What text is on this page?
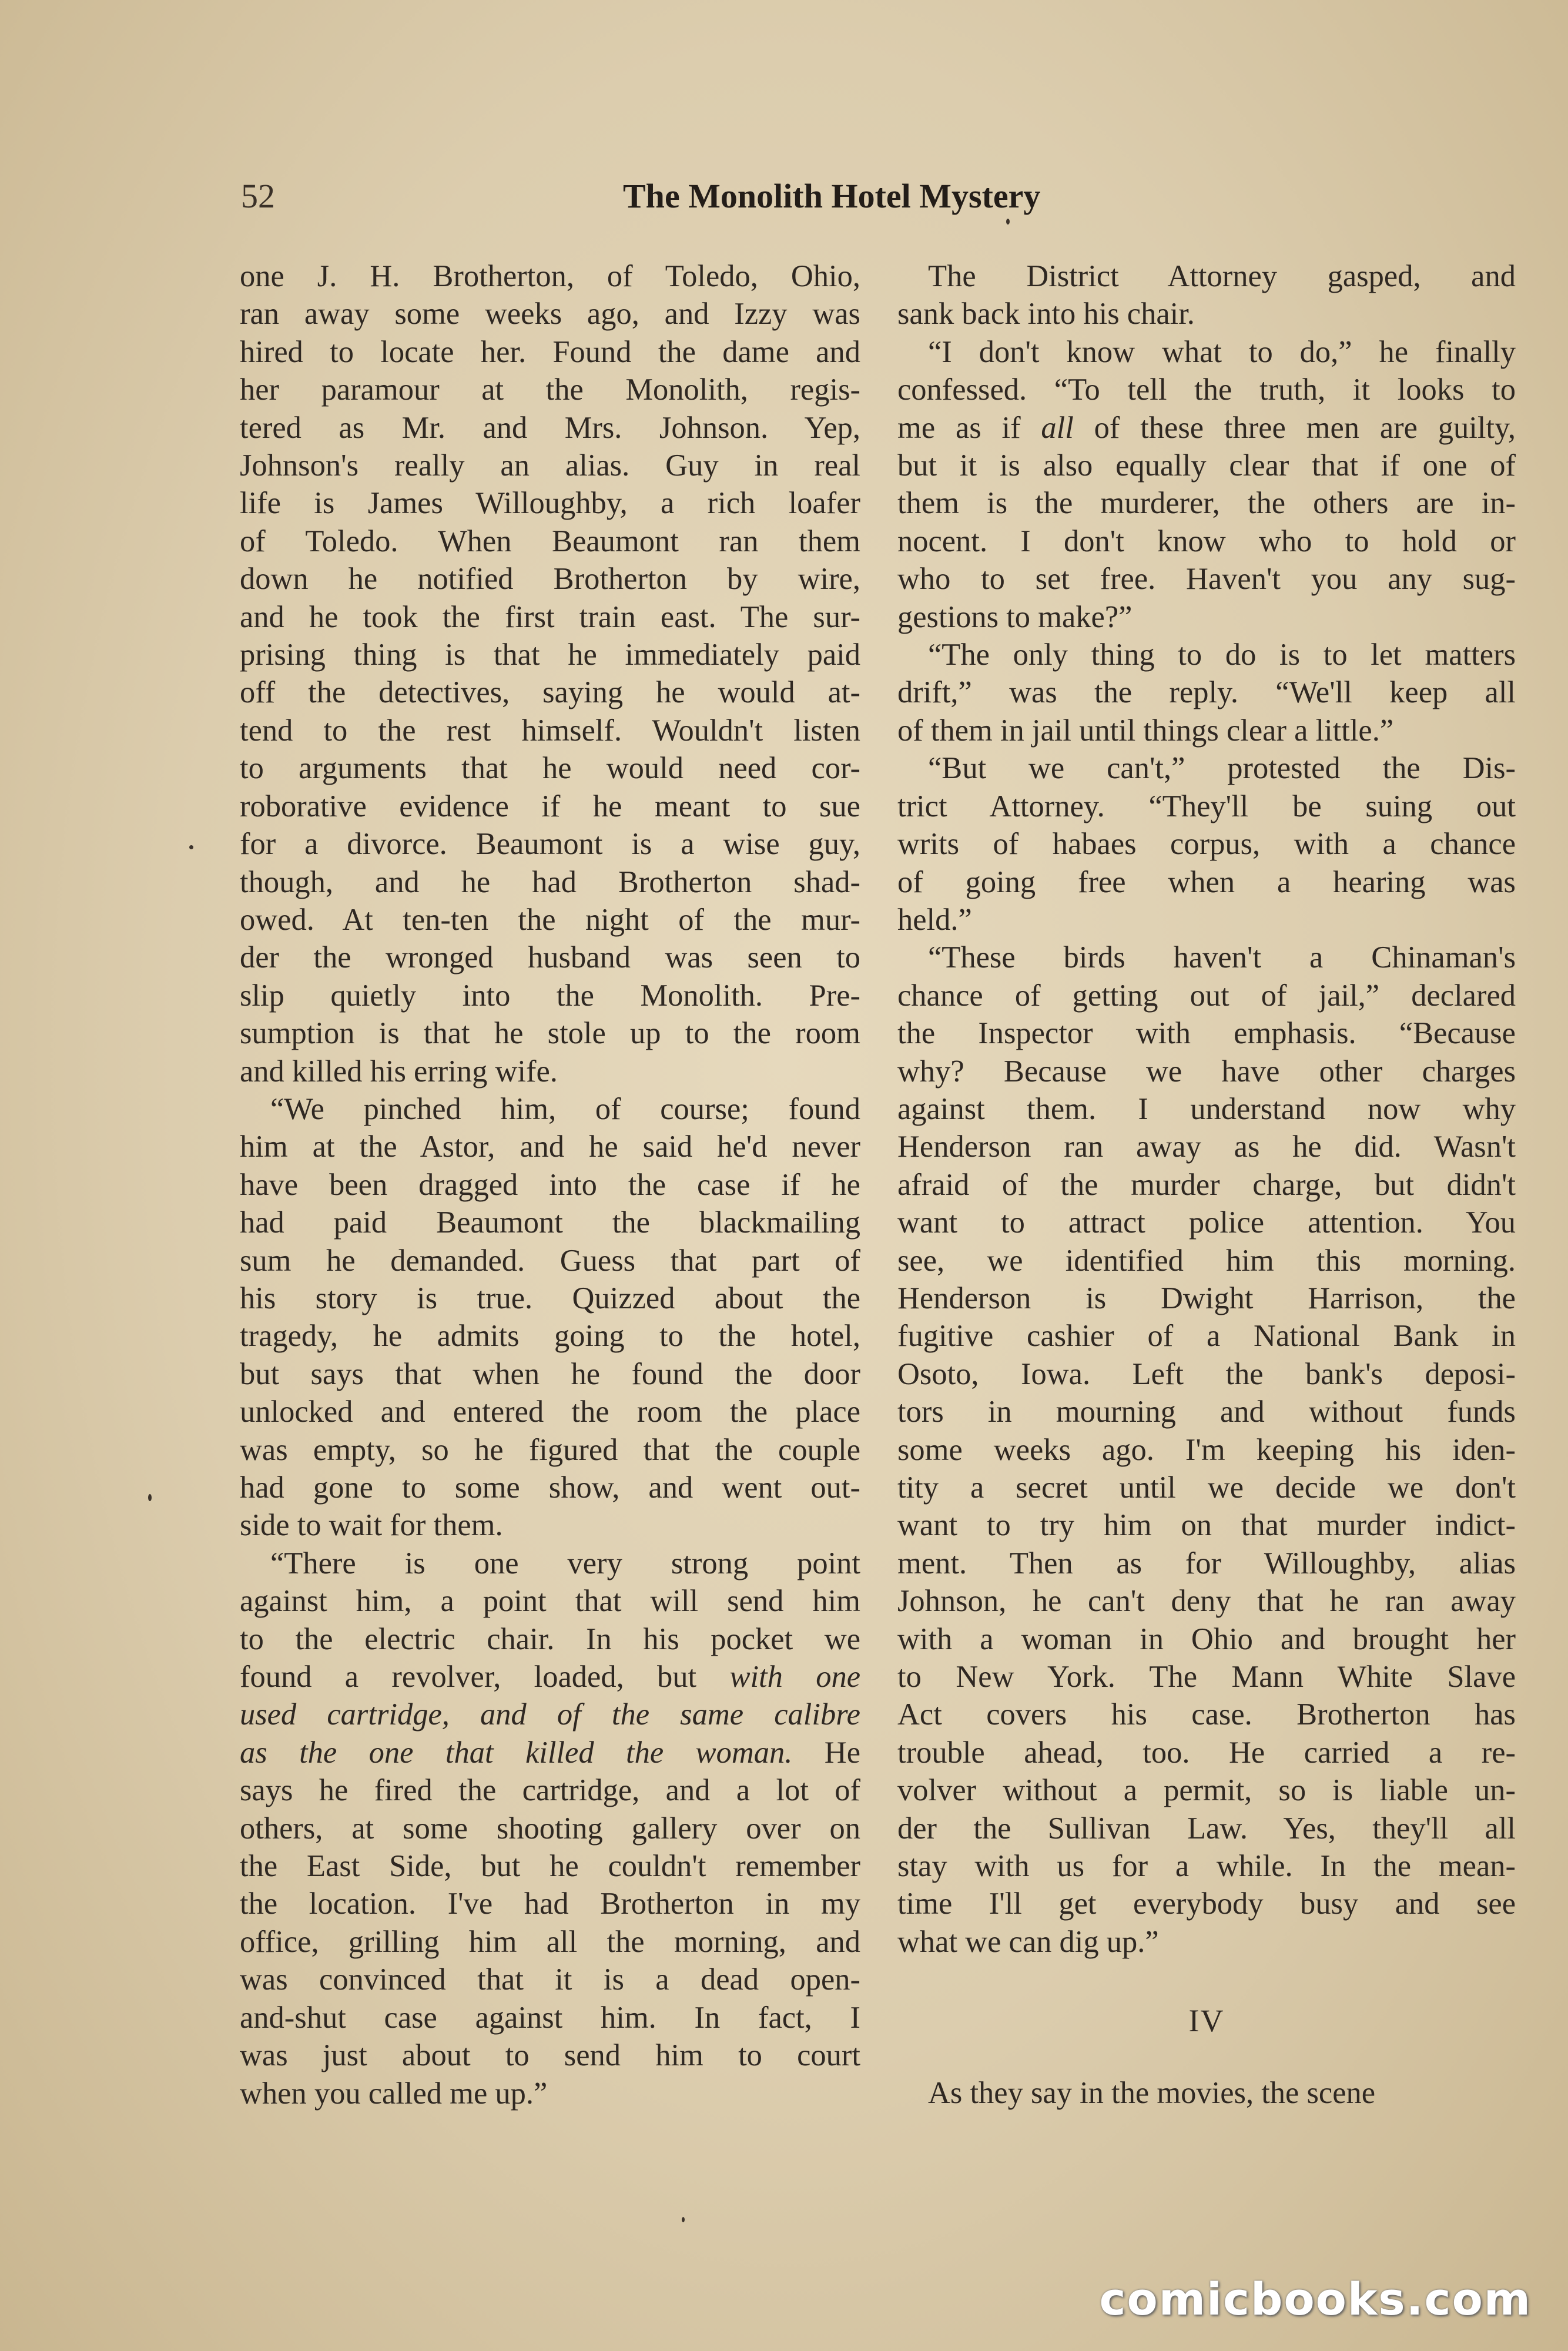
52	The Monolith Hotel Mystery

one J. H. Brotherton, of Toledo, Ohio,
ran away some weeks ago, and Izzy was
hired to locate her. Found the dame and
her paramour at the Monolith, regis-
tered as Mr. and Mrs. Johnson. Yep,
Johnson's really an alias. Guy in real
life is James Willoughby, a rich loafer
of Toledo. When Beaumont ran them
down he notified Brotherton by wire,
and he took the first train east. The sur-
prising thing is that he immediately paid
off the detectives, saying he would at-
tend to the rest himself. Wouldn't listen
to arguments that he would need cor-
roborative evidence if he meant to sue
for a divorce. Beaumont is a wise guy,
though, and he had Brotherton shad-
owed. At ten-ten the night of the mur-
der the wronged husband was seen to
slip quietly into the Monolith. Pre-
sumption is that he stole up to the room
and killed his erring wife.

“We pinched him, of course; found
him at the Astor, and he said he'd never
have been dragged into the case if he
had paid Beaumont the blackmailing
sum he demanded. Guess that part of
his story is true. Quizzed about the
tragedy, he admits going to the hotel,
but says that when he found the door
unlocked and entered the room the place
was empty, so he figured that the couple
had gone to some show, and went out-
side to wait for them.

“There is one very strong point
against him, a point that will send him
to the electric chair. In his pocket we
found a revolver, loaded, but with one
used cartridge, and of the same calibre
as the one that killed the woman. He
says he fired the cartridge, and a lot of
others, at some shooting gallery over on
the East Side, but he couldn't remember
the location. I've had Brotherton in my
office, grilling him all the morning, and
was convinced that it is a dead open-
and-shut case against him. In fact, I
was just about to send him to court
when you called me up.”

The District Attorney gasped, and
sank back into his chair.

“I don't know what to do,” he finally
confessed. “To tell the truth, it looks to
me as if all of these three men are guilty,
but it is also equally clear that if one of
them is the murderer, the others are in-
nocent. I don't know who to hold or
who to set free. Haven't you any sug-
gestions to make?”

“The only thing to do is to let matters
drift,” was the reply. “We'll keep all
of them in jail until things clear a little.”

“But we can't,” protested the Dis-
trict Attorney. “They'll be suing out
writs of habaes corpus, with a chance
of going free when a hearing was
held.”

“These birds haven't a Chinaman's
chance of getting out of jail,” declared
the Inspector with emphasis. “Because
why? Because we have other charges
against them. I understand now why
Henderson ran away as he did. Wasn't
afraid of the murder charge, but didn't
want to attract police attention. You
see, we identified him this morning.
Henderson is Dwight Harrison, the
fugitive cashier of a National Bank in
Osoto, Iowa. Left the bank's deposi-
tors in mourning and without funds
some weeks ago. I'm keeping his iden-
tity a secret until we decide we don't
want to try him on that murder indict-
ment. Then as for Willoughby, alias
Johnson, he can't deny that he ran away
with a woman in Ohio and brought her
to New York. The Mann White Slave
Act covers his case. Brotherton has
trouble ahead, too. He carried a re-
volver without a permit, so is liable un-
der the Sullivan Law. Yes, they'll all
stay with us for a while. In the mean-
time I'll get everybody busy and see
what we can dig up.”

IV

As they say in the movies, the scene

comicbooks.com
